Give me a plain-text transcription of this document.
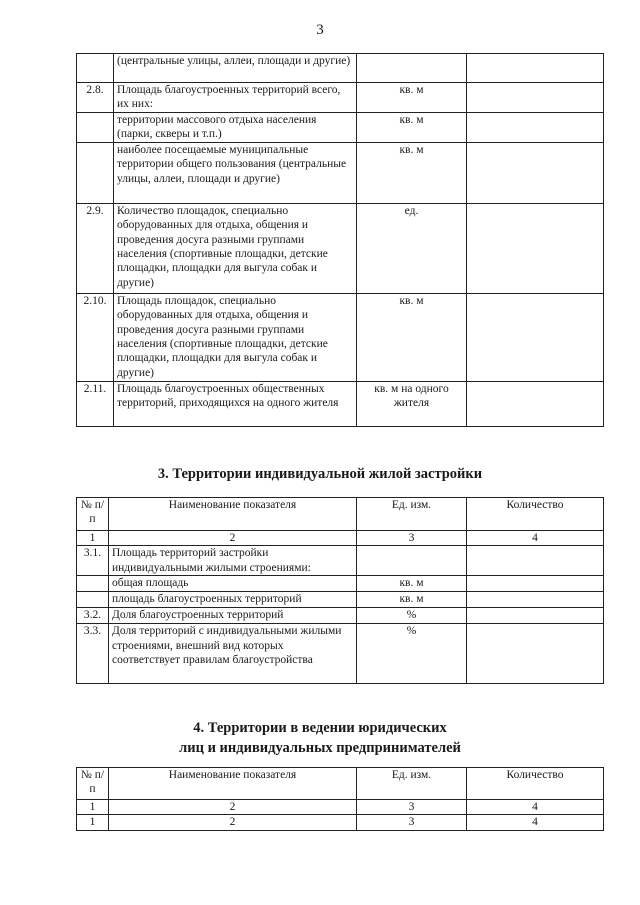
3
	(центральные улицы, аллеи, площади и другие)		
2.8.	Площадь благоустроенных территорий всего, их них:	кв. м	
	территории массового отдыха населения (парки, скверы и т.п.)	кв. м	
	наиболее посещаемые муниципальные территории общего пользования (центральные улицы, аллеи, площади и другие)	кв. м	
2.9.	Количество площадок, специально оборудованных для отдыха, общения и проведения досуга разными группами населения (спортивные площадки, детские площадки, площадки для выгула собак и другие)	ед.	
2.10.	Площадь площадок, специально оборудованных для отдыха, общения и проведения досуга разными группами населения (спортивные площадки, детские площадки, площадки для выгула собак и другие)	кв. м	
2.11.	Площадь благоустроенных общественных территорий, приходящихся на одного жителя	кв. м на одного жителя	
3. Территории индивидуальной жилой застройки
№ п/п	Наименование показателя	Ед. изм.	Количество
1	2	3	4
3.1.	Площадь территорий застройки индивидуальными жилыми строениями:		
	общая площадь	кв. м	
	площадь благоустроенных территорий	кв. м	
3.2.	Доля благоустроенных территорий	%	
3.3.	Доля территорий с индивидуальными жилыми строениями, внешний вид которых соответствует правилам благоустройства	%	
4. Территории в ведении юридических
лиц и индивидуальных предпринимателей
№ п/п	Наименование показателя	Ед. изм.	Количество
1	2	3	4
1	2	3	4
